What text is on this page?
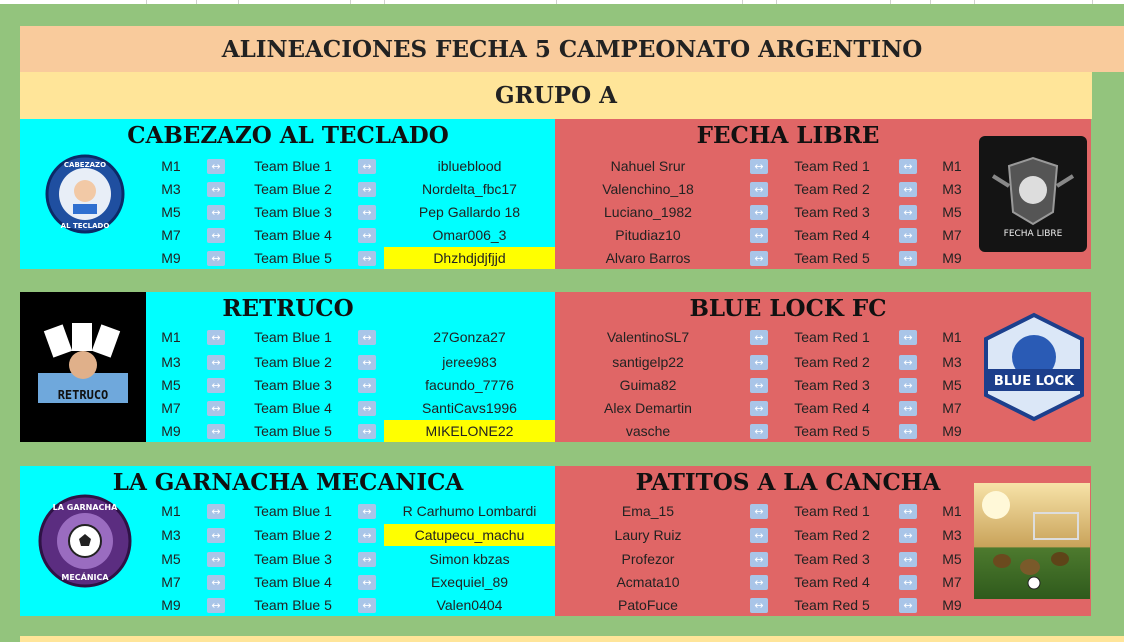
ALINEACIONES FECHA 5 CAMPEONATO ARGENTINO
GRUPO A
CABEZAZO
AL TECLADO
CABEZAZO AL TECLADO
M1	↔	Team Blue 1	↔	iblueblood
M3	↔	Team Blue 2	↔	Nordelta_fbc17
M5	↔	Team Blue 3	↔	Pep Gallardo 18
M7	↔	Team Blue 4	↔	Omar006_3
M9	↔	Team Blue 5	↔	Dhzhdjdjfjjd
FECHA LIBRE
FECHA LIBRE
Nahuel Srur	↔	Team Red 1	↔	M1
Valenchino_18	↔	Team Red 2	↔	M3
Luciano_1982	↔	Team Red 3	↔	M5
Pitudiaz10	↔	Team Red 4	↔	M7
Alvaro Barros	↔	Team Red 5	↔	M9
RETRUCO
RETRUCO
M1	↔	Team Blue 1	↔	27Gonza27
M3	↔	Team Blue 2	↔	jeree983
M5	↔	Team Blue 3	↔	facundo_7776
M7	↔	Team Blue 4	↔	SantiCavs1996
M9	↔	Team Blue 5	↔	MIKELONE22
BLUE LOCK FC
BLUE LOCK
ValentinoSL7	↔	Team Red 1	↔	M1
santigelp22	↔	Team Red 2	↔	M3
Guima82	↔	Team Red 3	↔	M5
Alex Demartin	↔	Team Red 4	↔	M7
vasche	↔	Team Red 5	↔	M9
LA GARNACHA
MECÁNICA
LA GARNACHA MECANICA
M1	↔	Team Blue 1	↔	R Carhumo Lombardi
M3	↔	Team Blue 2	↔	Catupecu_machu
M5	↔	Team Blue 3	↔	Simon kbzas
M7	↔	Team Blue 4	↔	Exequiel_89
M9	↔	Team Blue 5	↔	Valen0404
PATITOS A LA CANCHA
Ema_15	↔	Team Red 1	↔	M1
Laury Ruiz	↔	Team Red 2	↔	M3
Profezor	↔	Team Red 3	↔	M5
Acmata10	↔	Team Red 4	↔	M7
PatoFuce	↔	Team Red 5	↔	M9
